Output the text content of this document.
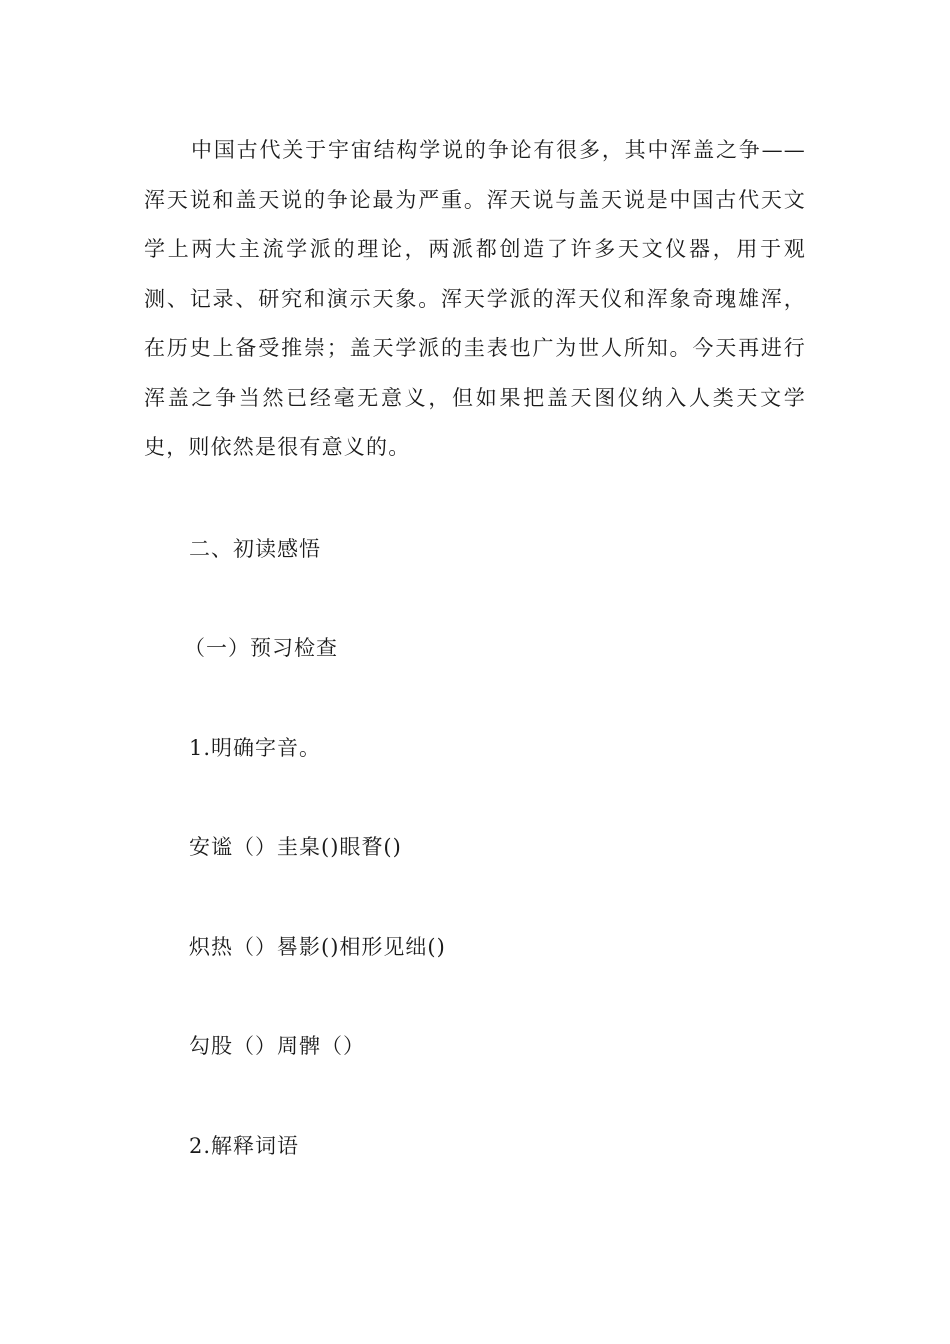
中国古代关于宇宙结构学说的争论有很多，其中浑盖之争——
浑天说和盖天说的争论最为严重。浑天说与盖天说是中国古代天文
学上两大主流学派的理论，两派都创造了许多天文仪器，用于观
测、记录、研究和演示天象。浑天学派的浑天仪和浑象奇瑰雄浑，
在历史上备受推崇；盖天学派的圭表也广为世人所知。今天再进行
浑盖之争当然已经毫无意义，但如果把盖天图仪纳入人类天文学
史，则依然是很有意义的。
二、初读感悟
（一）预习检查
1.明确字音。
安谧（）圭臬()眼瞀()
炽热（）晷影()相形见绌()
勾股（）周髀（）
2.解释词语
